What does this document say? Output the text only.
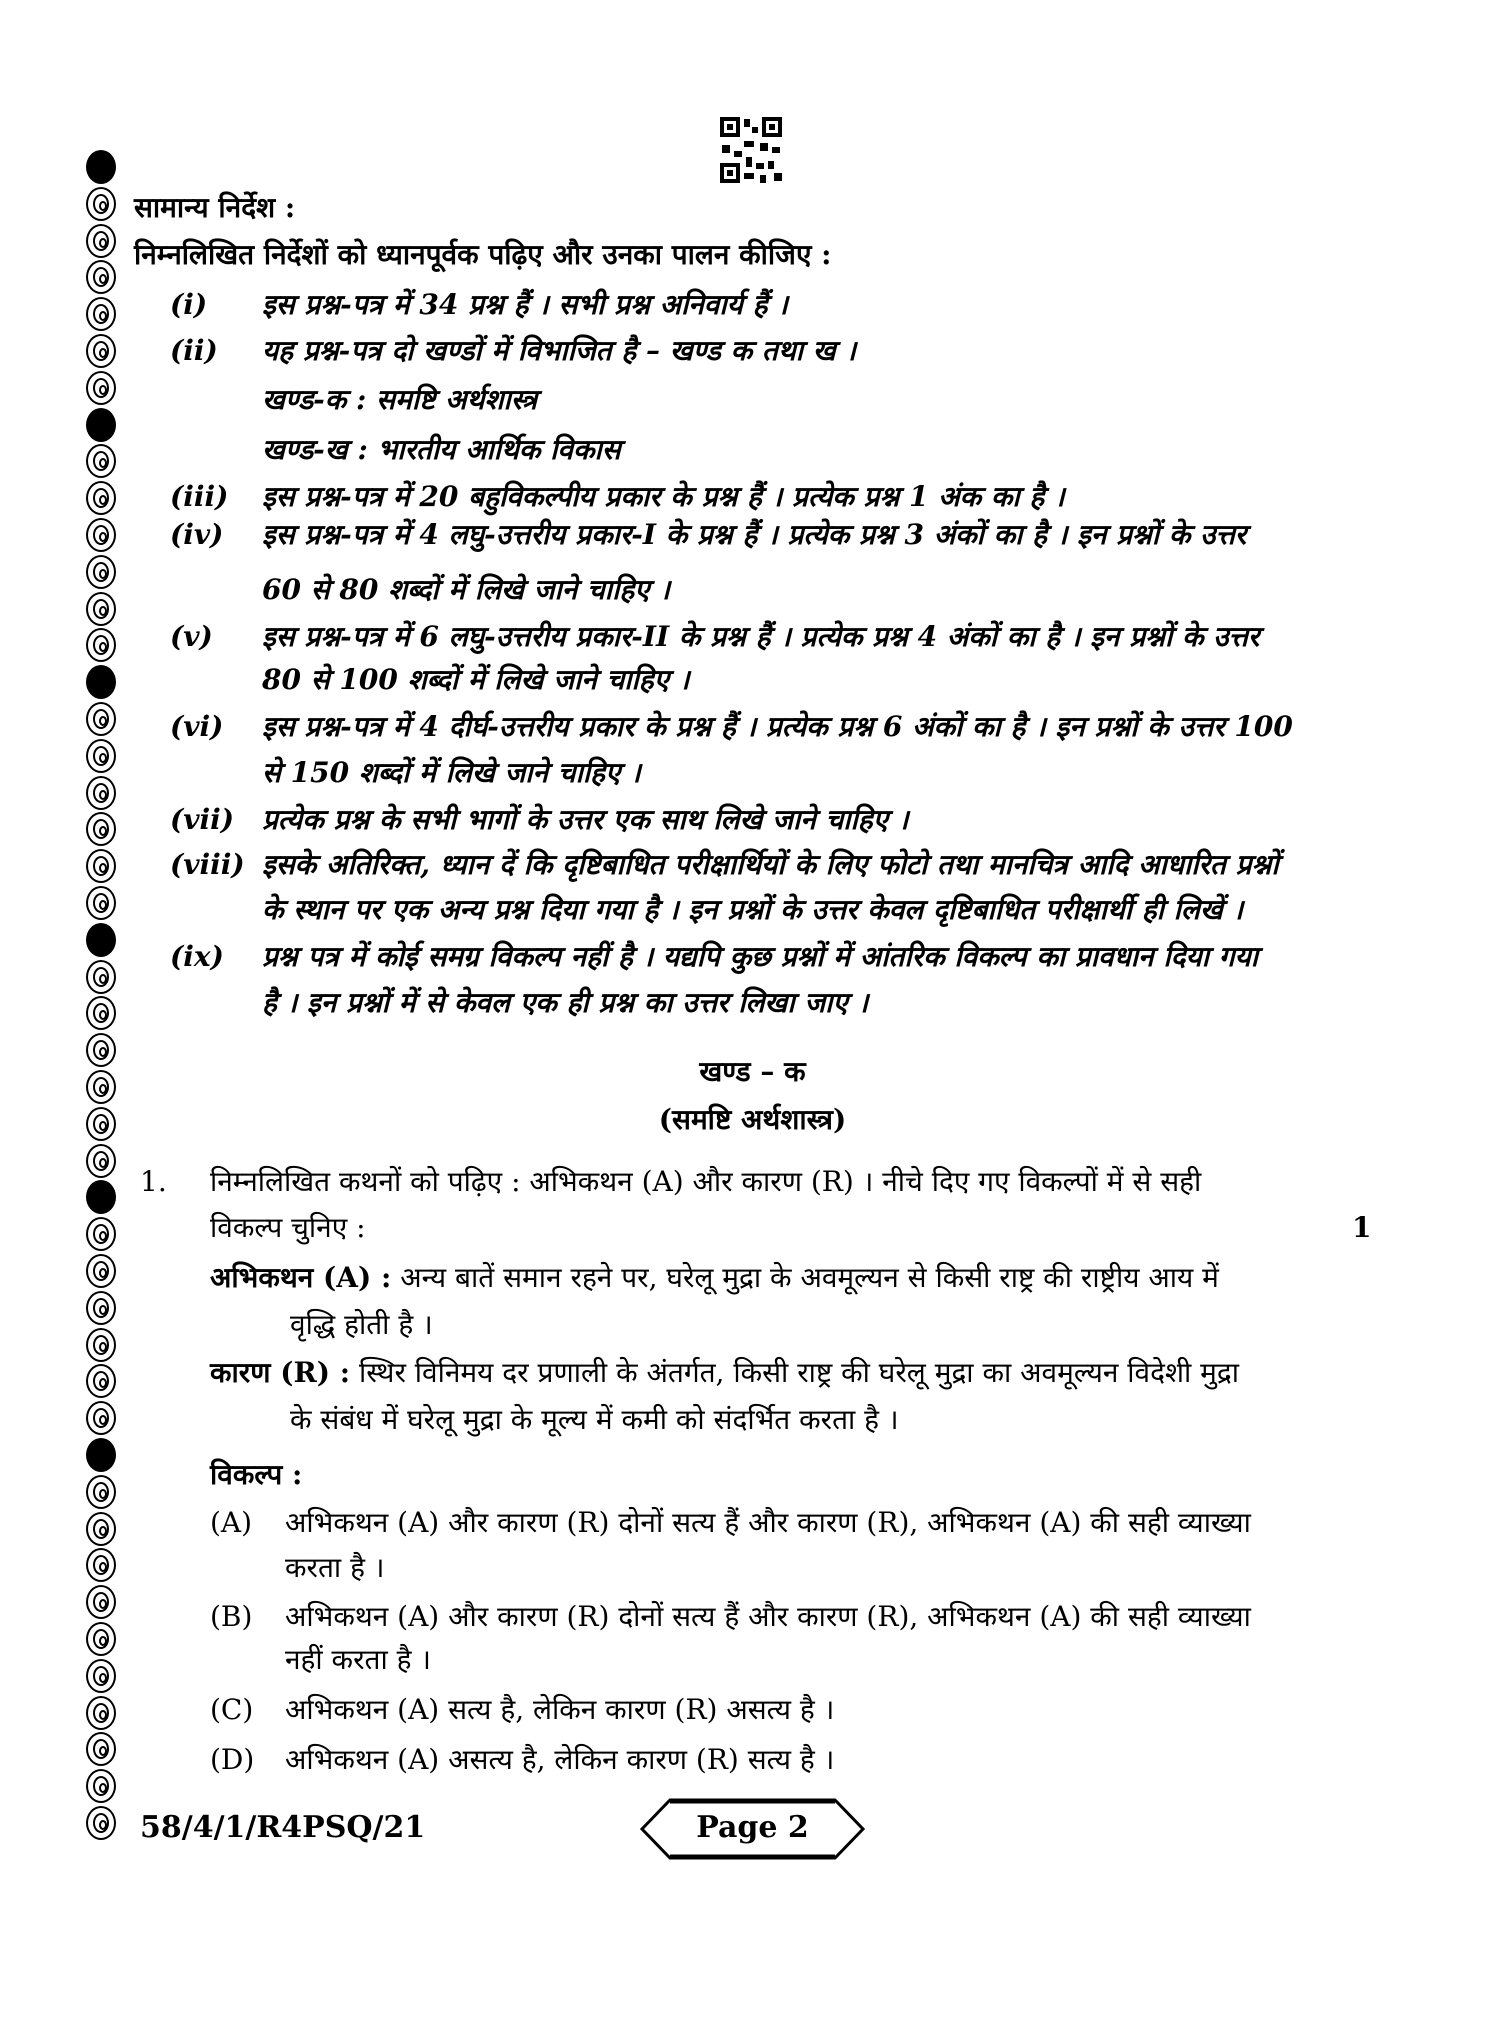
सामान्य निर्देश :
निम्नलिखित निर्देशों को ध्यानपूर्वक पढ़िए और उनका पालन कीजिए :
(i) इस प्रश्न-पत्र में 34 प्रश्न हैं । सभी प्रश्न अनिवार्य हैं ।
(ii) यह प्रश्न-पत्र दो खण्डों में विभाजित है – खण्ड क तथा ख ।
खण्ड-क : समष्टि अर्थशास्त्र
खण्ड-ख : भारतीय आर्थिक विकास
(iii) इस प्रश्न-पत्र में 20 बहुविकल्पीय प्रकार के प्रश्न हैं । प्रत्येक प्रश्न 1 अंक का है ।
(iv) इस प्रश्न-पत्र में 4 लघु-उत्तरीय प्रकार-I के प्रश्न हैं । प्रत्येक प्रश्न 3 अंकों का है । इन प्रश्नों के उत्तर
60 से 80 शब्दों में लिखे जाने चाहिए ।
(v) इस प्रश्न-पत्र में 6 लघु-उत्तरीय प्रकार-II के प्रश्न हैं । प्रत्येक प्रश्न 4 अंकों का है । इन प्रश्नों के उत्तर
80 से 100 शब्दों में लिखे जाने चाहिए ।
(vi) इस प्रश्न-पत्र में 4 दीर्घ-उत्तरीय प्रकार के प्रश्न हैं । प्रत्येक प्रश्न 6 अंकों का है । इन प्रश्नों के उत्तर 100
से 150 शब्दों में लिखे जाने चाहिए ।
(vii) प्रत्येक प्रश्न के सभी भागों के उत्तर एक साथ लिखे जाने चाहिए ।
(viii) इसके अतिरिक्त, ध्यान दें कि दृष्टिबाधित परीक्षार्थियों के लिए फोटो तथा मानचित्र आदि आधारित प्रश्नों
के स्थान पर एक अन्य प्रश्न दिया गया है । इन प्रश्नों के उत्तर केवल दृष्टिबाधित परीक्षार्थी ही लिखें ।
(ix) प्रश्न पत्र में कोई समग्र विकल्प नहीं है । यद्यपि कुछ प्रश्नों में आंतरिक विकल्प का प्रावधान दिया गया
है । इन प्रश्नों में से केवल एक ही प्रश्न का उत्तर लिखा जाए ।
खण्ड – क
(समष्टि अर्थशास्त्र)
1. निम्नलिखित कथनों को पढ़िए : अभिकथन (A) और कारण (R) । नीचे दिए गए विकल्पों में से सही
विकल्प चुनिए :	1
अभिकथन (A) : अन्य बातें समान रहने पर, घरेलू मुद्रा के अवमूल्यन से किसी राष्ट्र की राष्ट्रीय आय में
वृद्धि होती है ।
कारण (R) : स्थिर विनिमय दर प्रणाली के अंतर्गत, किसी राष्ट्र की घरेलू मुद्रा का अवमूल्यन विदेशी मुद्रा
के संबंध में घरेलू मुद्रा के मूल्य में कमी को संदर्भित करता है ।
विकल्प :
(A) अभिकथन (A) और कारण (R) दोनों सत्य हैं और कारण (R), अभिकथन (A) की सही व्याख्या
करता है ।
(B) अभिकथन (A) और कारण (R) दोनों सत्य हैं और कारण (R), अभिकथन (A) की सही व्याख्या
नहीं करता है ।
(C) अभिकथन (A) सत्य है, लेकिन कारण (R) असत्य है ।
(D) अभिकथन (A) असत्य है, लेकिन कारण (R) सत्य है ।
58/4/1/R4PSQ/21	Page 2
